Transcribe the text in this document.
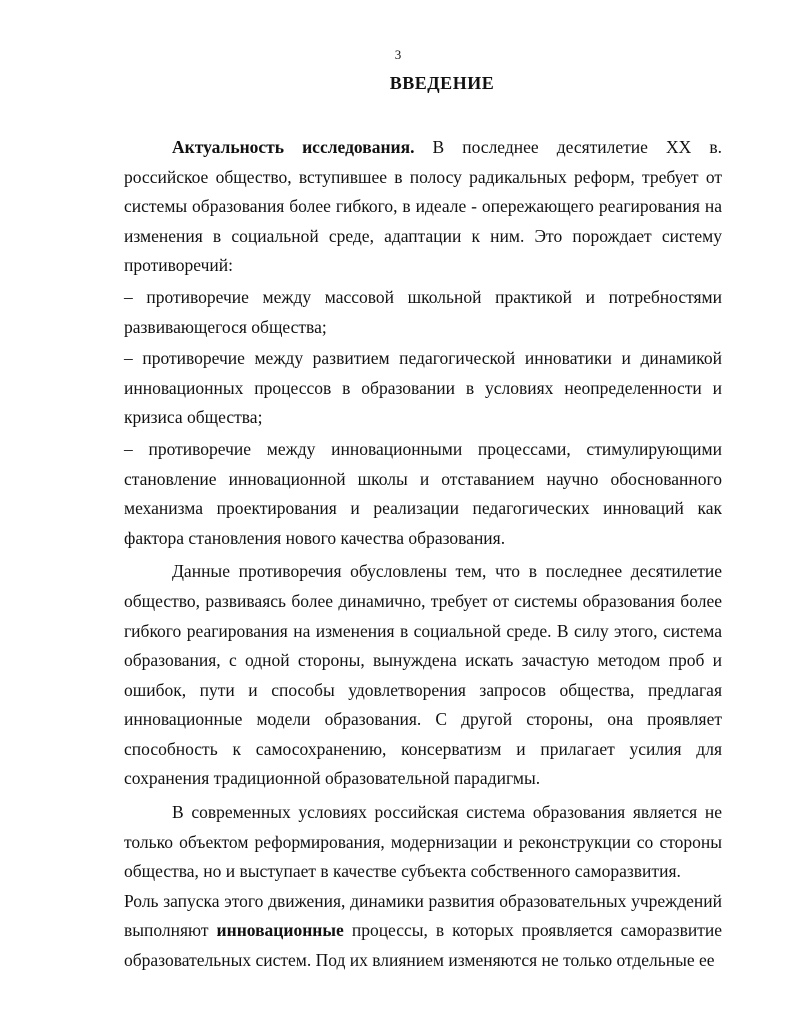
3
ВВЕДЕНИЕ

Актуальность исследования. В последнее десятилетие XX в. российское общество, вступившее в полосу радикальных реформ, требует от системы образования более гибкого, в идеале - опережающего реагирования на изменения в социальной среде, адаптации к ним. Это порождает систему противоречий:

– противоречие между массовой школьной практикой и потребностями развивающегося общества;

– противоречие между развитием педагогической инноватики и динамикой инновационных процессов в образовании в условиях неопределенности и кризиса общества;

– противоречие между инновационными процессами, стимулирующими становление инновационной школы и отставанием научно обоснованного механизма проектирования и реализации педагогических инноваций как фактора становления нового качества образования.

Данные противоречия обусловлены тем, что в последнее десятилетие общество, развиваясь более динамично, требует от системы образования более гибкого реагирования на изменения в социальной среде. В силу этого, система образования, с одной стороны, вынуждена искать зачастую методом проб и ошибок, пути и способы удовлетворения запросов общества, предлагая инновационные модели образования. С другой стороны, она проявляет способность к самосохранению, консерватизм и прилагает усилия для сохранения традиционной образовательной парадигмы.

В современных условиях российская система образования является не только объектом реформирования, модернизации и реконструкции со стороны общества, но и выступает в качестве субъекта собственного саморазвития.

Роль запуска этого движения, динамики развития образовательных учреждений выполняют инновационные процессы, в которых проявляется саморазвитие образовательных систем. Под их влиянием изменяются не только отдельные ее
